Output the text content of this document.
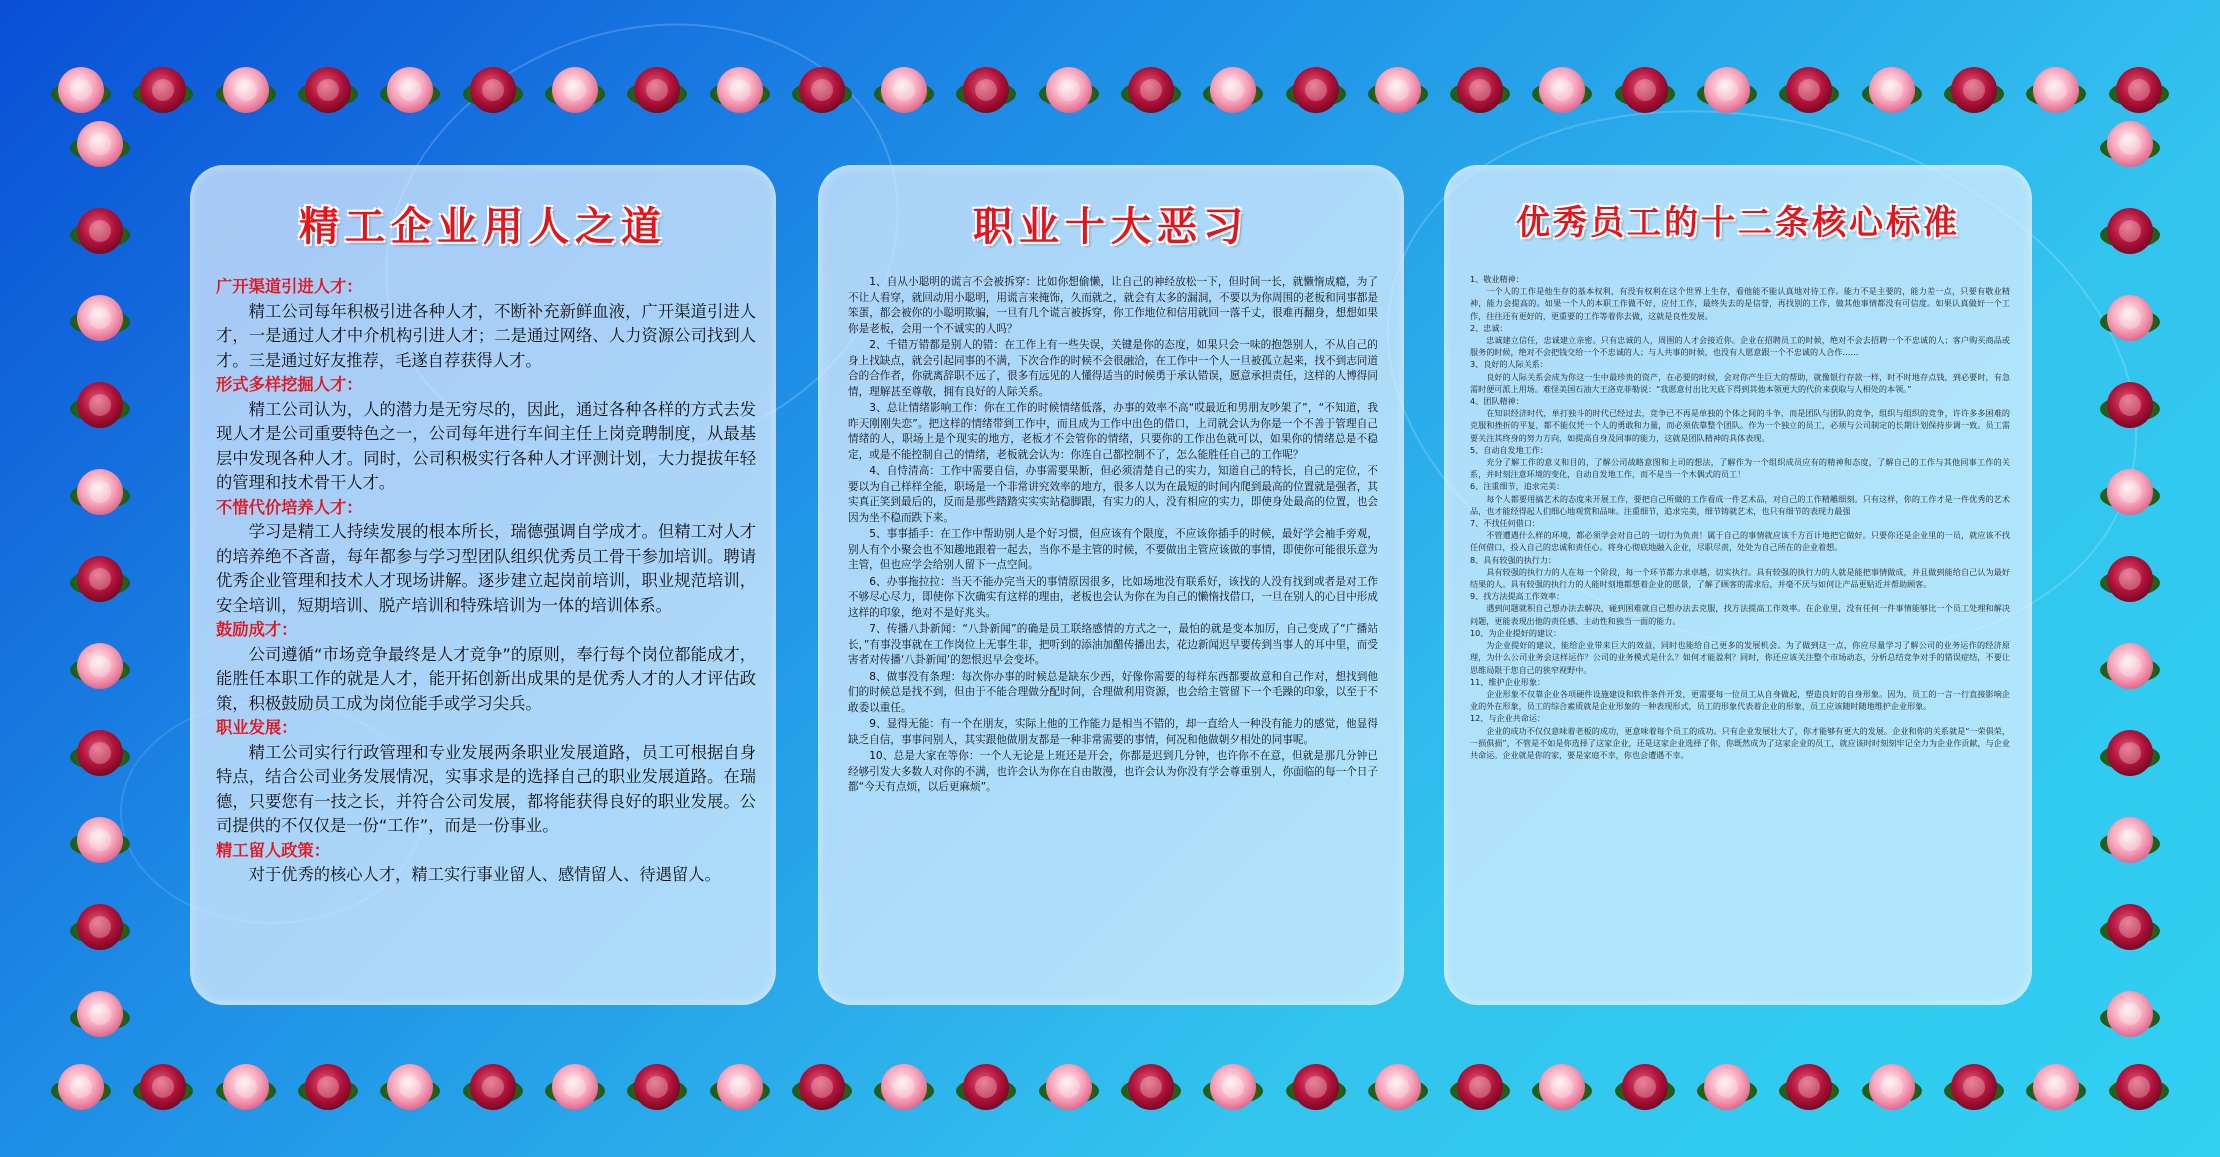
精工企业用人之道
广开渠道引进人才：

精工公司每年积极引进各种人才，不断补充新鲜血液，广开渠道引进人才，一是通过人才中介机构引进人才；二是通过网络、人力资源公司找到人才。三是通过好友推荐，毛遂自荐获得人才。

形式多样挖掘人才：

精工公司认为，人的潜力是无穷尽的，因此，通过各种各样的方式去发现人才是公司重要特色之一，公司每年进行车间主任上岗竞聘制度，从最基层中发现各种人才。同时，公司积极实行各种人才评测计划，大力提拔年轻的管理和技术骨干人才。

不惜代价培养人才：

学习是精工人持续发展的根本所长，瑞德强调自学成才。但精工对人才的培养绝不吝啬，每年都参与学习型团队组织优秀员工骨干参加培训。聘请优秀企业管理和技术人才现场讲解。逐步建立起岗前培训，职业规范培训，安全培训，短期培训、脱产培训和特殊培训为一体的培训体系。

鼓励成才：

公司遵循“市场竞争最终是人才竞争”的原则，奉行每个岗位都能成才，能胜任本职工作的就是人才，能开拓创新出成果的是优秀人才的人才评估政策，积极鼓励员工成为岗位能手或学习尖兵。

职业发展：

精工公司实行行政管理和专业发展两条职业发展道路，员工可根据自身特点，结合公司业务发展情况，实事求是的选择自己的职业发展道路。在瑞德，只要您有一技之长，并符合公司发展，都将能获得良好的职业发展。公司提供的不仅仅是一份“工作”，而是一份事业。

精工留人政策：

对于优秀的核心人才，精工实行事业留人、感情留人、待遇留人。

职业十大恶习

1、自从小聪明的谎言不会被拆穿：比如你想偷懒，让自己的神经放松一下，但时间一长，就懒惰成瘾，为了不让人看穿，就回动用小聪明，用谎言来掩饰，久而就之，就会有太多的漏洞，不要以为你周围的老板和同事都是笨蛋，都会被你的小聪明欺骗，一旦有几个谎言被拆穿，你工作地位和信用就回一落千丈，很难再翻身，想想如果你是老板，会用一个不诚实的人吗？

2、千错万错都是别人的错：在工作上有一些失误，关键是你的态度，如果只会一味的抱怨别人，不从自己的身上找缺点，就会引起同事的不满，下次合作的时候不会很融洽，在工作中一个人一旦被孤立起来，找不到志同道合的合作者，你就离辞职不远了，很多有远见的人懂得适当的时候勇于承认错误，愿意承担责任，这样的人博得同情，理解甚至尊敬，拥有良好的人际关系。

3、总让情绪影响工作：你在工作的时候情绪低落，办事的效率不高“哎最近和男朋友吵架了”，“不知道，我昨天刚刚失恋”。把这样的情绪带到工作中，而且成为工作中出色的借口，上司就会认为你是一个不善于管理自己情绪的人，职场上是个现实的地方，老板才不会管你的情绪，只要你的工作出色就可以，如果你的情绪总是不稳定，或是不能控制自己的情绪，老板就会认为：你连自己都控制不了，怎么能胜任自己的工作呢？

4、自恃清高：工作中需要自信，办事需要果断，但必须清楚自己的实力，知道自己的特长，自己的定位，不要以为自己样样全能，职场是一个非常讲究效率的地方，很多人以为在最短的时间内爬到最高的位置就是强者，其实真正笑到最后的，反而是那些踏踏实实实站稳脚跟，有实力的人，没有相应的实力，即使身处最高的位置，也会因为坐不稳而跌下来。

5、事事插手：在工作中帮助别人是个好习惯，但应该有个限度，不应该你插手的时候，最好学会袖手旁观，别人有个小聚会也不知趣地跟着一起去，当你不是主管的时候，不要做出主管应该做的事情，即使你可能很乐意为主管，但也应学会给别人留下一点空间。

6、办事拖拉拉：当天不能办完当天的事情原因很多，比如场地没有联系好，该找的人没有找到或者是对工作不够尽心尽力，即使你下次确实有这样的理由，老板也会认为你在为自己的懒惰找借口，一旦在别人的心目中形成这样的印象，绝对不是好兆头。

7、传播八卦新闻：“八卦新闻”的确是员工联络感情的方式之一，最怕的就是变本加厉，自己变成了“广播站长，”有事没事就在工作岗位上无事生非，把听到的添油加醋传播出去，花边新闻迟早要传到当事人的耳中里，而受害者对传播‘八卦新闻’的恕恨迟早会变坏。

8、做事没有条理：每次你办事的时候总是缺东少西，好像你需要的每样东西都要故意和自己作对，想找到他们的时候总是找不到，但由于不能合理做分配时间，合理做利用资源，也会给主管留下一个毛躁的印象，以至于不敢委以重任。

9、显得无能：有一个在朋友，实际上他的工作能力是相当不错的，却一直给人一种没有能力的感觉，他显得缺乏自信，事事问别人，其实跟他做朋友都是一种非常需要的事情，何况和他做朝夕相处的同事呢。

10、总是大家在等你：一个人无论是上班还是开会，你都是迟到几分钟，也许你不在意，但就是那几分钟已经够引发大多数人对你的不满，也许会认为你在自由散漫，也许会认为你没有学会尊重别人，你面临的每一个日子都“今天有点烦，以后更麻烦”。

优秀员工的十二条核心标准
1、敬业精神：

一个人的工作是他生存的基本权利，有没有权利在这个世界上生存，看他能不能认真地对待工作。能力不是主要的，能力差一点，只要有敬业精神，能力会提高的。如果一个人的本职工作做不好，应付工作，最终失去的是信誉，再找别的工作，做其他事情都没有可信度。如果认真做好一个工作，往往还有更好的，更重要的工作等着你去做，这就是良性发展。

2、忠诚：

忠诚建立信任，忠诚建立亲密。只有忠诚的人，周围的人才会接近你。企业在招聘员工的时候，绝对不会去招聘一个不忠诚的人；客户购买商品或服务的时候，绝对不会把钱交给一个不忠诚的人；与人共事的时候，也没有人愿意跟一个不忠诚的人合作……

3、良好的人际关系：

良好的人际关系会成为你这一生中最珍贵的资产，在必要的时候，会对你产生巨大的帮助，就像银行存款一样，时不时地存点钱，到必要时，有急需时便可派上用场。难怪美国石油大王洛克菲勒说：“我愿意付出比天底下得到其他本领更大的代价来获取与人相处的本领。”

4、团队精神：

在知识经济时代，单打独斗的时代已经过去，竞争已不再是单独的个体之间的斗争，而是团队与团队的竞争，组织与组织的竞争，许许多多困难的克服和挫折的平复，都不能仅凭一个人的勇敢和力量，而必须依靠整个团队。作为一个独立的员工，必须与公司制定的长期计划保持步调一致。员工需要关注其终身的努力方向，如提高自身及同事的能力，这就是团队精神的具体表现。

5、自动自发地工作：

充分了解工作的意义和目的，了解公司战略意图和上司的想法，了解作为一个组织成员应有的精神和态度，了解自己的工作与其他同事工作的关系，并时刻注意环境的变化，自动自发地工作，而不是当一个木偶式的员工！

6、注重细节，追求完美：

每个人都要用搞艺术的态度来开展工作，要把自己所做的工作看成一件艺术品，对自己的工作精雕细刻。只有这样，你的工作才是一件优秀的艺术品，也才能经得起人们细心地观赏和品味。注重细节，追求完美，细节铸就艺术，也只有细节的表现力最强

7、不找任何借口：

不管遭遇什么样的环境，都必须学会对自己的一切行为负责！属于自己的事情就应该千方百计地把它做好。只要你还是企业里的一员，就应该不找任何借口，投入自己的忠诚和责任心。将身心彻底地融入企业，尽职尽责，处处为自己所在的企业着想。

8、具有较强的执行力：

具有较强的执行力的人在每一个阶段，每一个环节都力求卓越，切实执行。具有较强的执行力的人就是能把事情做成，并且做到能给自己认为最好结果的人。具有较强的执行力的人能时刻地都想着企业的愿景，了解了顾客的需求后，并毫不厌与如何让产品更贴近并帮助顾客。

9、找方法提高工作效率：

遇到问题就积自己想办法去解决，碰到困难就自己想办法去克服，找方法提高工作效率。在企业里，没有任何一件事情能够比一个员工处理和解决问题，更能表现出他的责任感、主动性和独当一面的能力。

10、为企业提好的建议：

为企业提好的建议，能给企业带来巨大的效益，同时也能给自己更多的发展机会。为了做到这一点，你应尽量学习了解公司的业务运作的经济原理，为什么公司业务会这样运作？公司的业务模式是什么？如何才能盈利？同时，你还应该关注整个市场动态，分析总结竞争对手的错误症结，不要让思维局限于您自己的狭窄视野中。

11、维护企业形象：

企业形象不仅靠企业各项硬件设施建设和软件条件开发，更需要每一位员工从自身做起，塑造良好的自身形象。因为，员工的一言一行直接影响企业的外在形象，员工的综合素质就是企业形象的一种表现形式，员工的形象代表着企业的形象，员工应该随时随地维护企业形象。

12、与企业共命运：

企业的成功不仅仅意味着老板的成功，更意味着每个员工的成功。只有企业发展壮大了，你才能够有更大的发展。企业和你的关系就是“一荣俱荣，一损俱损”，不管是不如是你选择了这家企业，还是这家企业选择了你，你既然成为了这家企业的员工，就应该时时刻刻牢记全力为企业作贡献，与企业共命运。企业就是你的家，要是家庭不幸，你也会遭遇不幸。
